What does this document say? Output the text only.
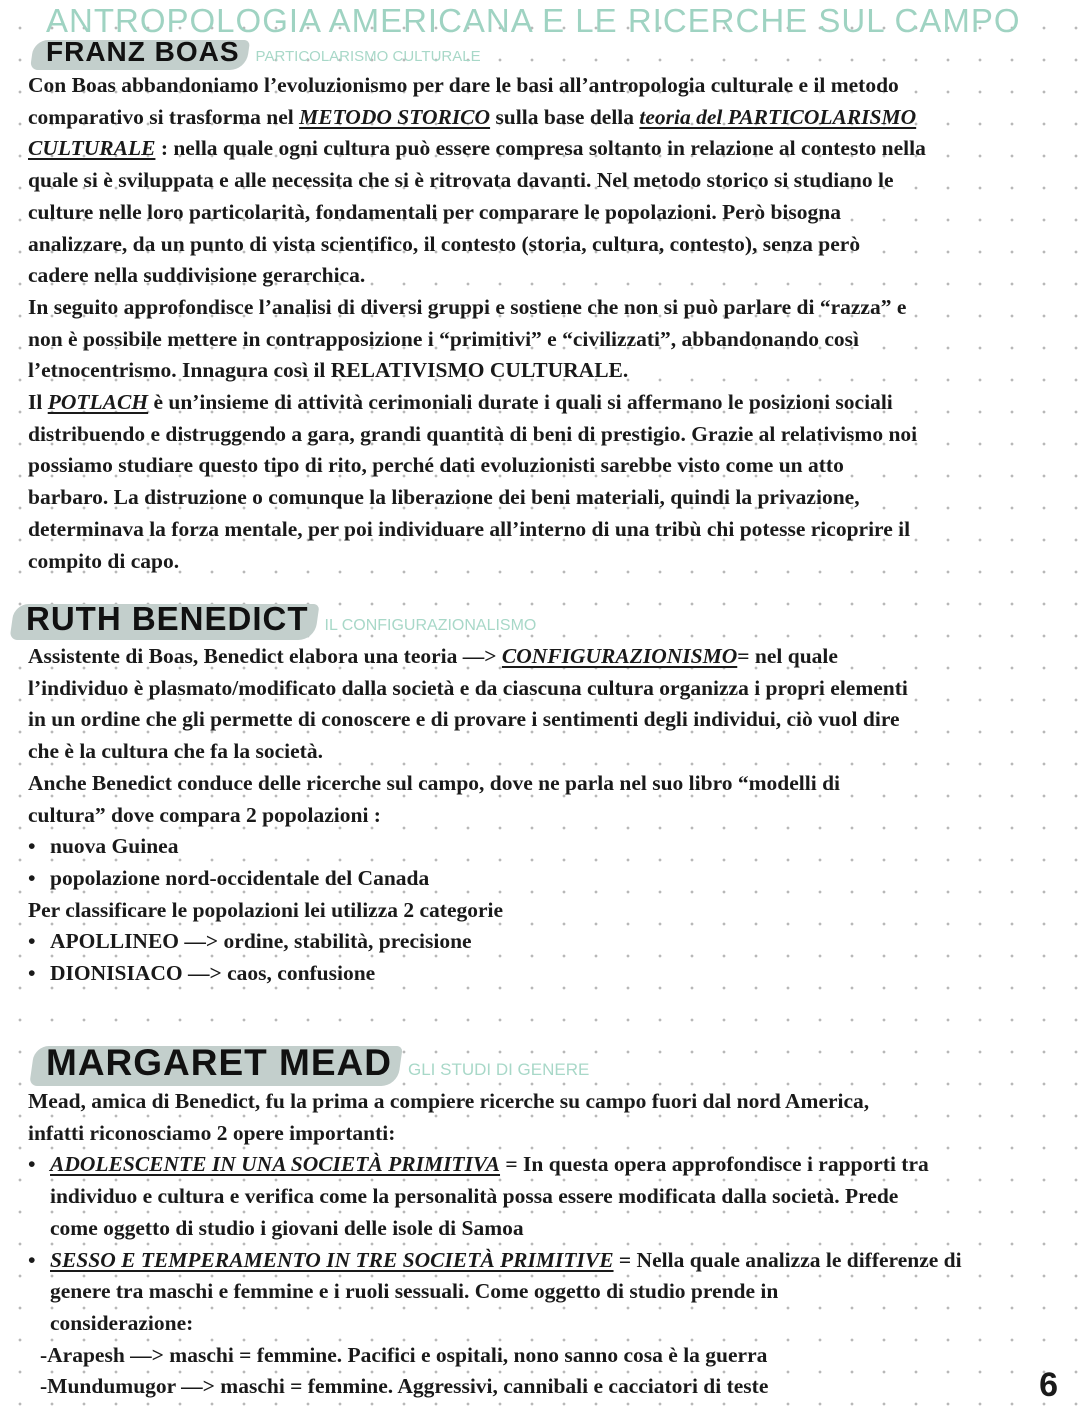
ANTROPOLOGIA AMERICANA E LE RICERCHE SUL CAMPO
FRANZ BOAS PARTICOLARISMO CULTURALE
Con Boas abbandoniamo l’evoluzionismo per dare le basi all’antropologia culturale e il metodo
comparativo si trasforma nel METODO STORICO sulla base della teoria del PARTICOLARISMO
CULTURALE : nella quale ogni cultura può essere compresa soltanto in relazione al contesto nella
quale si è sviluppata e alle necessita che si è ritrovata davanti. Nel metodo storico si studiano le
culture nelle loro particolarità, fondamentali per comparare le popolazioni. Però bisogna
analizzare, da un punto di vista scientifico, il contesto (storia, cultura, contesto), senza però
cadere nella suddivisione gerarchica.
In seguito approfondisce l’analisi di diversi gruppi e sostiene che non si può parlare di “razza” e
non è possibile mettere in contrapposizione i “primitivi” e “civilizzati”, abbandonando così
l’etnocentrismo. Innagura così il RELATIVISMO CULTURALE.
Il POTLACH è un’insieme di attività cerimoniali durate i quali si affermano le posizioni sociali
distribuendo e distruggendo a gara, grandi quantità di beni di prestigio. Grazie al relativismo noi
possiamo studiare questo tipo di rito, perché dati evoluzionisti sarebbe visto come un atto
barbaro. La distruzione o comunque la liberazione dei beni materiali, quindi la privazione,
determinava la forza mentale, per poi individuare all’interno di una tribù chi potesse ricoprire il
compito di capo.
RUTH BENEDICT IL CONFIGURAZIONALISMO
Assistente di Boas, Benedict elabora una teoria —> CONFIGURAZIONISMO= nel quale
l’individuo è plasmato/modificato dalla società e da ciascuna cultura organizza i propri elementi
in un ordine che gli permette di conoscere e di provare i sentimenti degli individui, ciò vuol dire
che è la cultura che fa la società.
Anche Benedict conduce delle ricerche sul campo, dove ne parla nel suo libro “modelli di
cultura” dove compara 2 popolazioni :
• nuova Guinea
• popolazione nord-occidentale del Canada
Per classificare le popolazioni lei utilizza 2 categorie
• APOLLINEO —> ordine, stabilità, precisione
• DIONISIACO —> caos, confusione
MARGARET MEAD GLI STUDI DI GENERE
Mead, amica di Benedict, fu la prima a compiere ricerche su campo fuori dal nord America,
infatti riconosciamo 2 opere importanti:
• ADOLESCENTE IN UNA SOCIETÀ PRIMITIVA = In questa opera approfondisce i rapporti tra
individuo e cultura e verifica come la personalità possa essere modificata dalla società. Prede
come oggetto di studio i giovani delle isole di Samoa
• SESSO E TEMPERAMENTO IN TRE SOCIETÀ PRIMITIVE = Nella quale analizza le differenze di
genere tra maschi e femmine e i ruoli sessuali. Come oggetto di studio prende in
considerazione:
-Arapesh —> maschi = femmine. Pacifici e ospitali, nono sanno cosa è la guerra
-Mundumugor —> maschi = femmine. Aggressivi, cannibali e cacciatori di teste	6
